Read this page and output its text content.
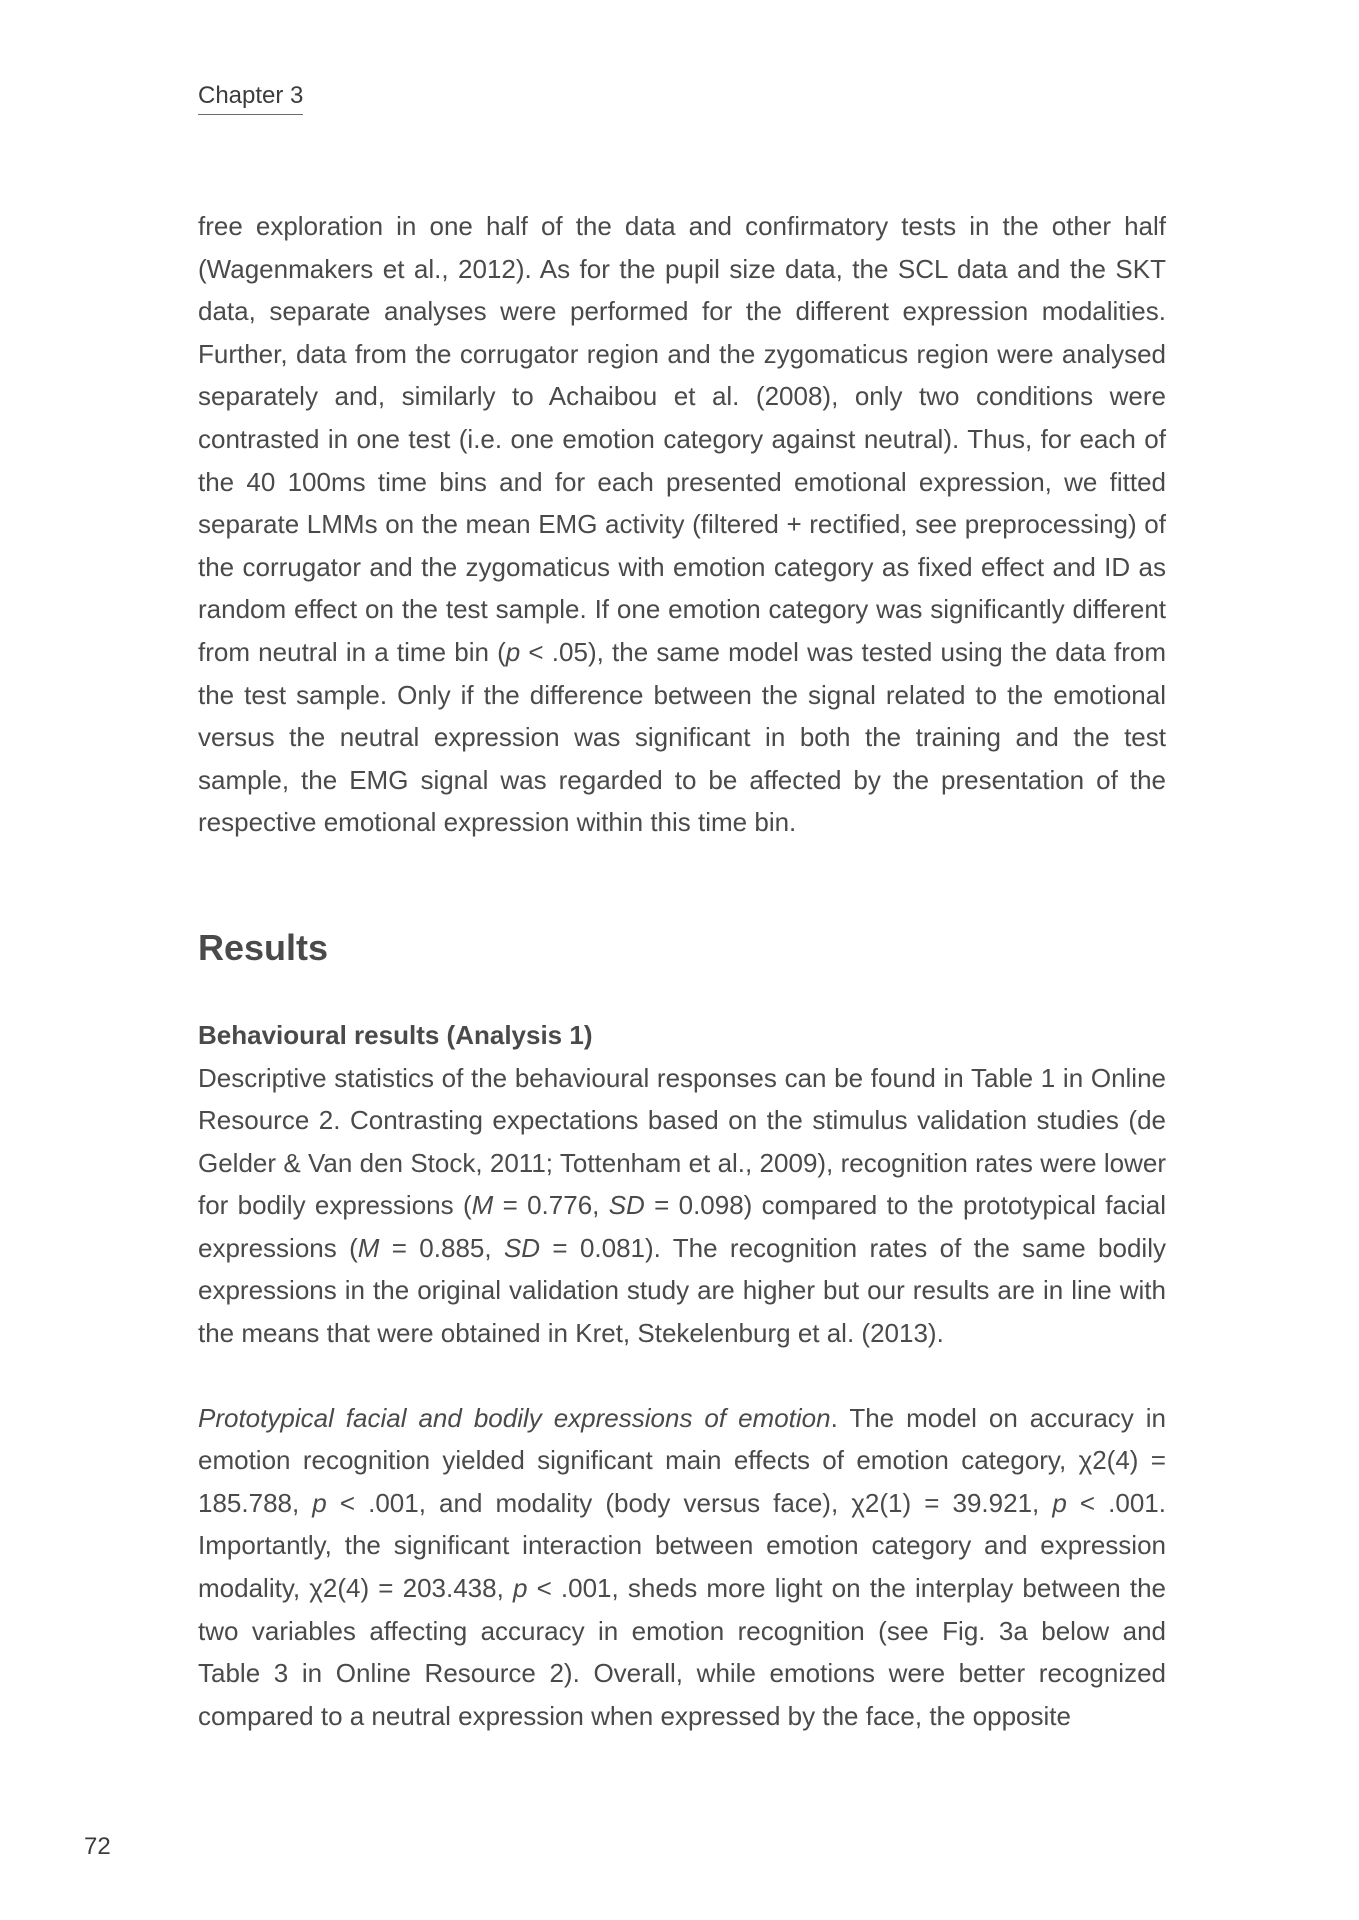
Chapter 3

free exploration in one half of the data and confirmatory tests in the other half (Wagenmakers et al., 2012). As for the pupil size data, the SCL data and the SKT data, separate analyses were performed for the different expression modalities. Further, data from the corrugator region and the zygomaticus region were analysed separately and, similarly to Achaibou et al. (2008), only two conditions were contrasted in one test (i.e. one emotion category against neutral). Thus, for each of the 40 100ms time bins and for each presented emotional expression, we fitted separate LMMs on the mean EMG activity (filtered + rectified, see preprocessing) of the corrugator and the zygomaticus with emotion category as fixed effect and ID as random effect on the test sample. If one emotion category was significantly different from neutral in a time bin (p < .05), the same model was tested using the data from the test sample. Only if the difference between the signal related to the emotional versus the neutral expression was significant in both the training and the test sample, the EMG signal was regarded to be affected by the presentation of the respective emotional expression within this time bin.

Results
Behavioural results (Analysis 1)

Descriptive statistics of the behavioural responses can be found in Table 1 in Online Resource 2. Contrasting expectations based on the stimulus validation studies (de Gelder & Van den Stock, 2011; Tottenham et al., 2009), recognition rates were lower for bodily expressions (M = 0.776, SD = 0.098) compared to the prototypical facial expressions (M = 0.885, SD = 0.081). The recognition rates of the same bodily expressions in the original validation study are higher but our results are in line with the means that were obtained in Kret, Stekelenburg et al. (2013).

Prototypical facial and bodily expressions of emotion. The model on accuracy in emotion recognition yielded significant main effects of emotion category, χ2(4) = 185.788, p < .001, and modality (body versus face), χ2(1) = 39.921, p < .001. Importantly, the significant interaction between emotion category and expression modality, χ2(4) = 203.438, p < .001, sheds more light on the interplay between the two variables affecting accuracy in emotion recognition (see Fig. 3a below and Table 3 in Online Resource 2). Overall, while emotions were better recognized compared to a neutral expression when expressed by the face, the opposite

72
